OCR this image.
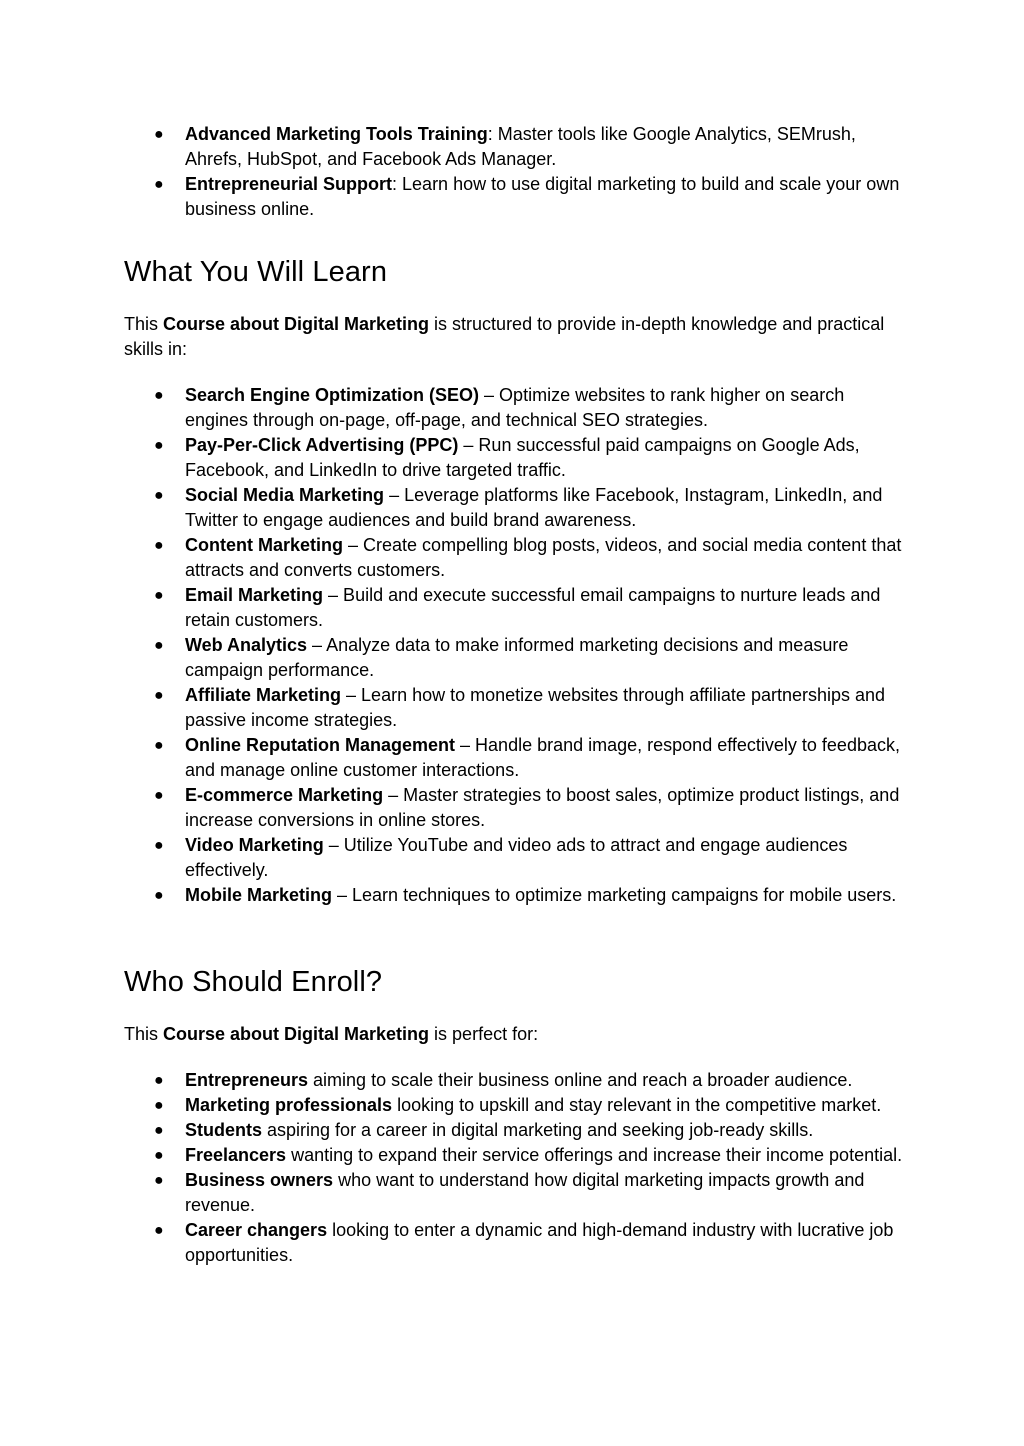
● Advanced Marketing Tools Training: Master tools like Google Analytics, SEMrush, Ahrefs, HubSpot, and Facebook Ads Manager.
● Entrepreneurial Support: Learn how to use digital marketing to build and scale your own business online.
What You Will Learn

This Course about Digital Marketing is structured to provide in-depth knowledge and practical skills in:

● Search Engine Optimization (SEO) – Optimize websites to rank higher on search engines through on-page, off-page, and technical SEO strategies.
● Pay-Per-Click Advertising (PPC) – Run successful paid campaigns on Google Ads, Facebook, and LinkedIn to drive targeted traffic.
● Social Media Marketing – Leverage platforms like Facebook, Instagram, LinkedIn, and Twitter to engage audiences and build brand awareness.
● Content Marketing – Create compelling blog posts, videos, and social media content that attracts and converts customers.
● Email Marketing – Build and execute successful email campaigns to nurture leads and retain customers.
● Web Analytics – Analyze data to make informed marketing decisions and measure campaign performance.
● Affiliate Marketing – Learn how to monetize websites through affiliate partnerships and passive income strategies.
● Online Reputation Management – Handle brand image, respond effectively to feedback, and manage online customer interactions.
● E-commerce Marketing – Master strategies to boost sales, optimize product listings, and increase conversions in online stores.
● Video Marketing – Utilize YouTube and video ads to attract and engage audiences effectively.
● Mobile Marketing – Learn techniques to optimize marketing campaigns for mobile users.
Who Should Enroll?

This Course about Digital Marketing is perfect for:

● Entrepreneurs aiming to scale their business online and reach a broader audience.
● Marketing professionals looking to upskill and stay relevant in the competitive market.
● Students aspiring for a career in digital marketing and seeking job-ready skills.
● Freelancers wanting to expand their service offerings and increase their income potential.
● Business owners who want to understand how digital marketing impacts growth and revenue.
● Career changers looking to enter a dynamic and high-demand industry with lucrative job opportunities.
